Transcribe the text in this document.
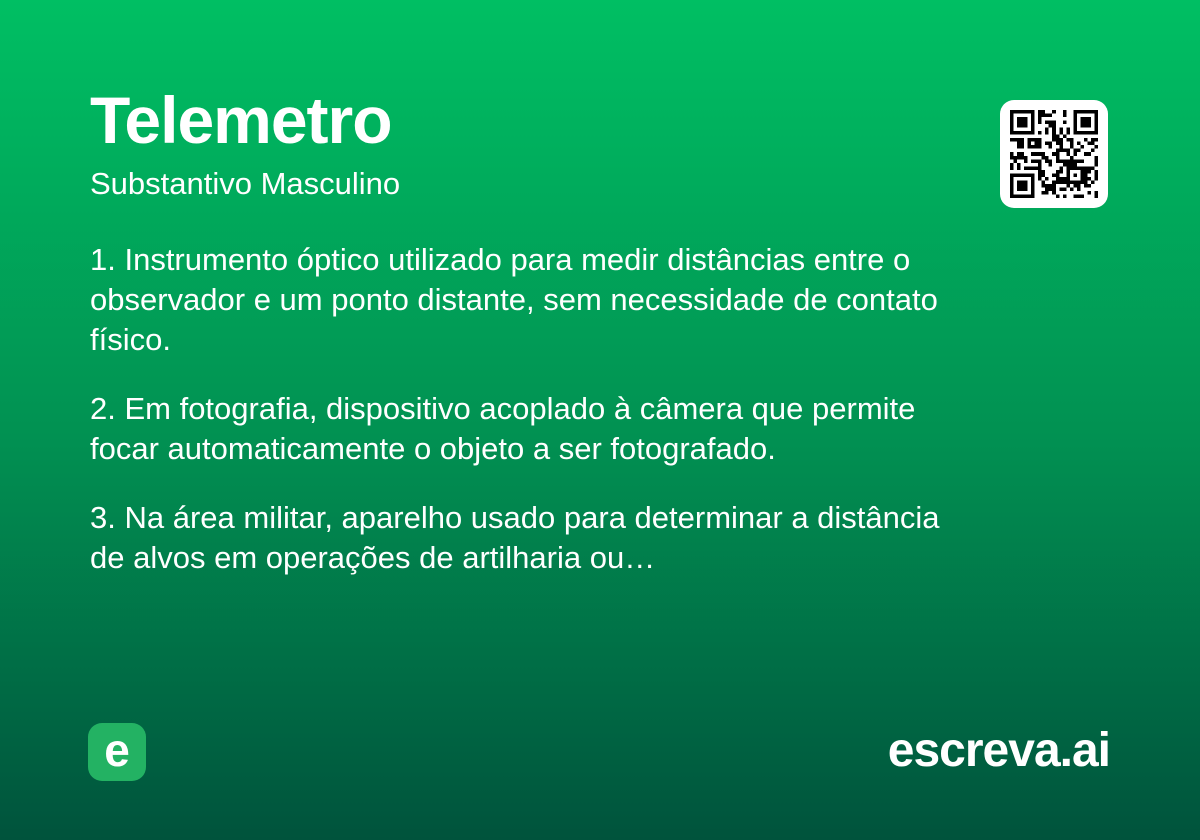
Telemetro
Substantivo Masculino
1. Instrumento óptico utilizado para medir distâncias entre o
observador e um ponto distante, sem necessidade de contato
físico.
2. Em fotografia, dispositivo acoplado à câmera que permite
focar automaticamente o objeto a ser fotografado.
3. Na área militar, aparelho usado para determinar a distância
de alvos em operações de artilharia ou…
e	escreva.ai
